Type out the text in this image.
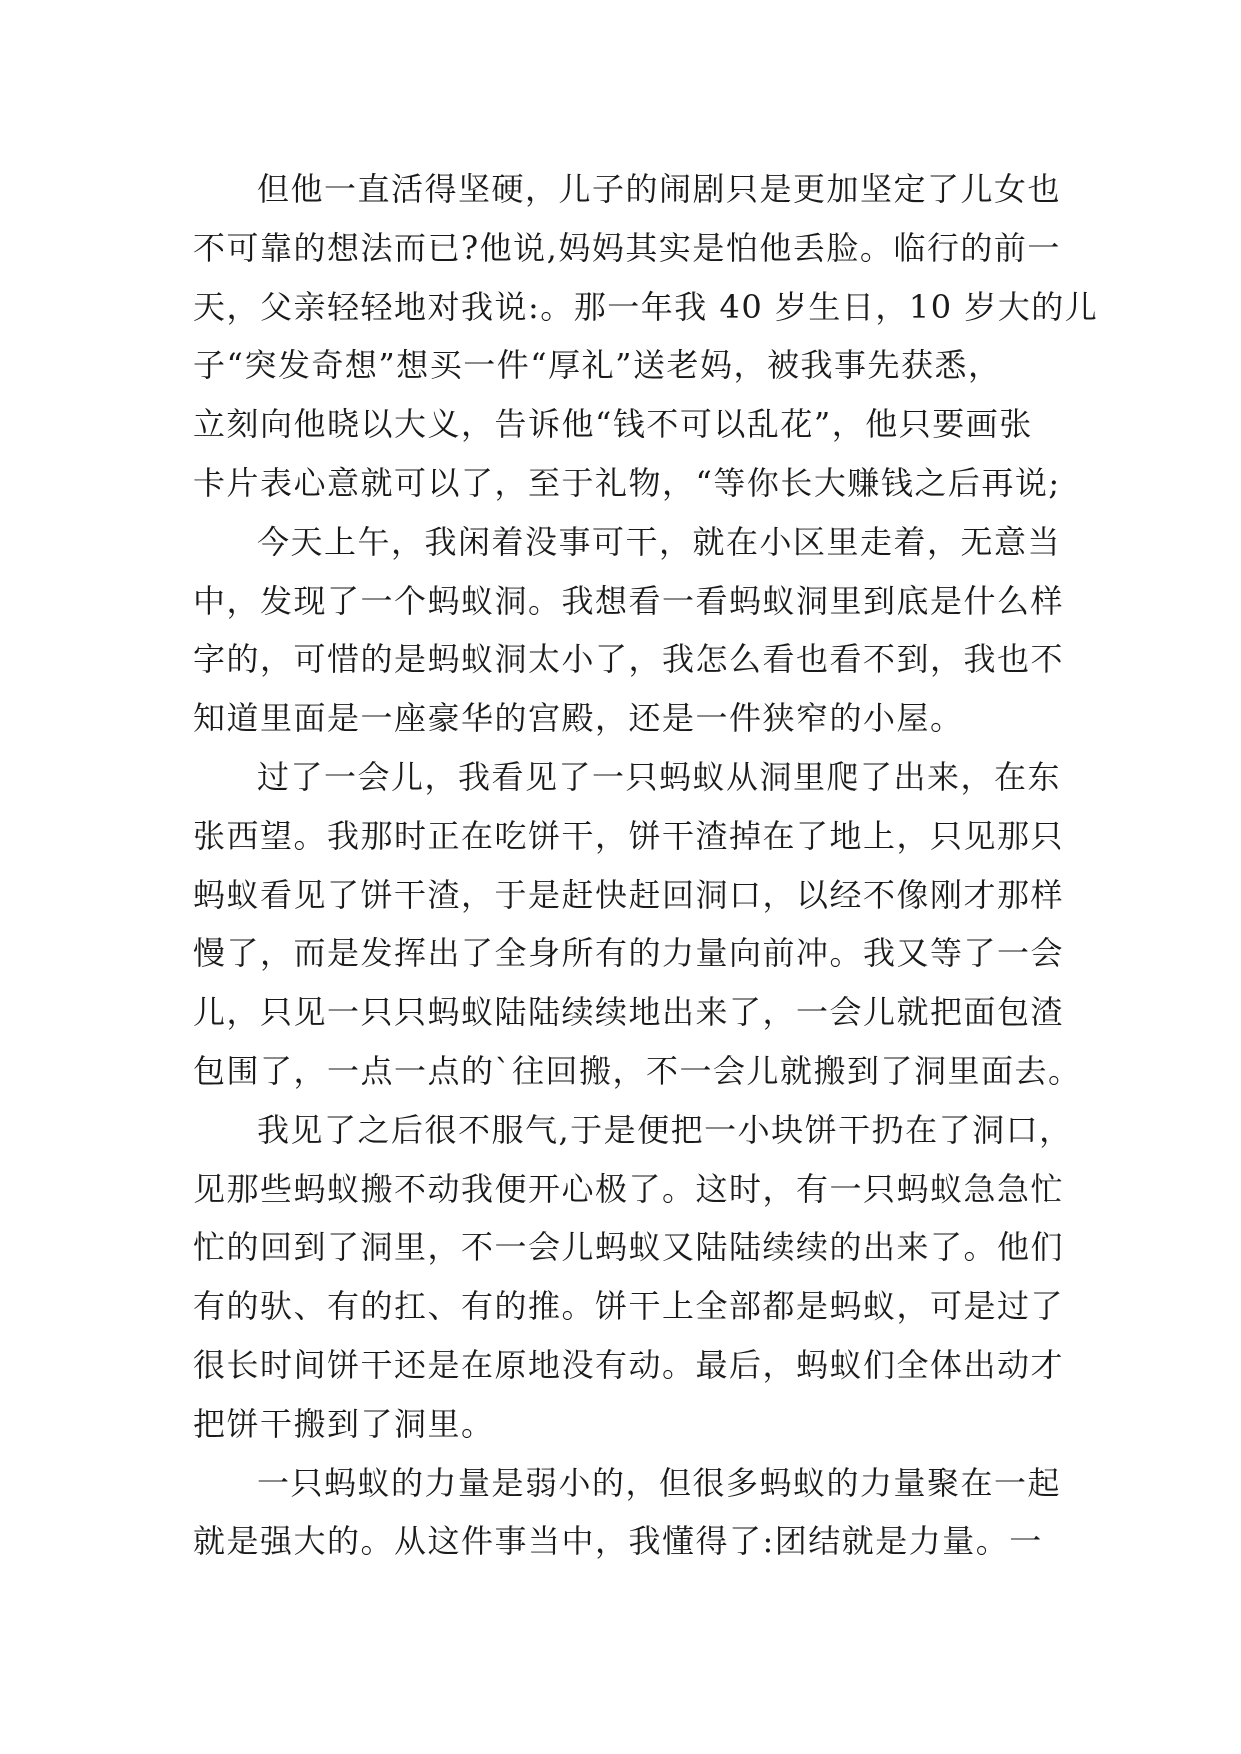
但他一直活得坚硬，儿子的闹剧只是更加坚定了儿女也
不可靠的想法而已?他说,妈妈其实是怕他丢脸。临行的前一
天，父亲轻轻地对我说:。那一年我 40 岁生日，10 岁大的儿
子“突发奇想”想买一件“厚礼”送老妈，被我事先获悉，
立刻向他晓以大义，告诉他“钱不可以乱花”，他只要画张
卡片表心意就可以了，至于礼物，“等你长大赚钱之后再说;
今天上午，我闲着没事可干，就在小区里走着，无意当
中，发现了一个蚂蚁洞。我想看一看蚂蚁洞里到底是什么样
字的，可惜的是蚂蚁洞太小了，我怎么看也看不到，我也不
知道里面是一座豪华的宫殿，还是一件狭窄的小屋。
过了一会儿，我看见了一只蚂蚁从洞里爬了出来，在东
张西望。我那时正在吃饼干，饼干渣掉在了地上，只见那只
蚂蚁看见了饼干渣，于是赶快赶回洞口，以经不像刚才那样
慢了，而是发挥出了全身所有的力量向前冲。我又等了一会
儿，只见一只只蚂蚁陆陆续续地出来了，一会儿就把面包渣
包围了，一点一点的`往回搬，不一会儿就搬到了洞里面去。
我见了之后很不服气,于是便把一小块饼干扔在了洞口，
见那些蚂蚁搬不动我便开心极了。这时，有一只蚂蚁急急忙
忙的回到了洞里，不一会儿蚂蚁又陆陆续续的出来了。他们
有的驮、有的扛、有的推。饼干上全部都是蚂蚁，可是过了
很长时间饼干还是在原地没有动。最后，蚂蚁们全体出动才
把饼干搬到了洞里。
一只蚂蚁的力量是弱小的，但很多蚂蚁的力量聚在一起
就是强大的。从这件事当中，我懂得了:团结就是力量。一
